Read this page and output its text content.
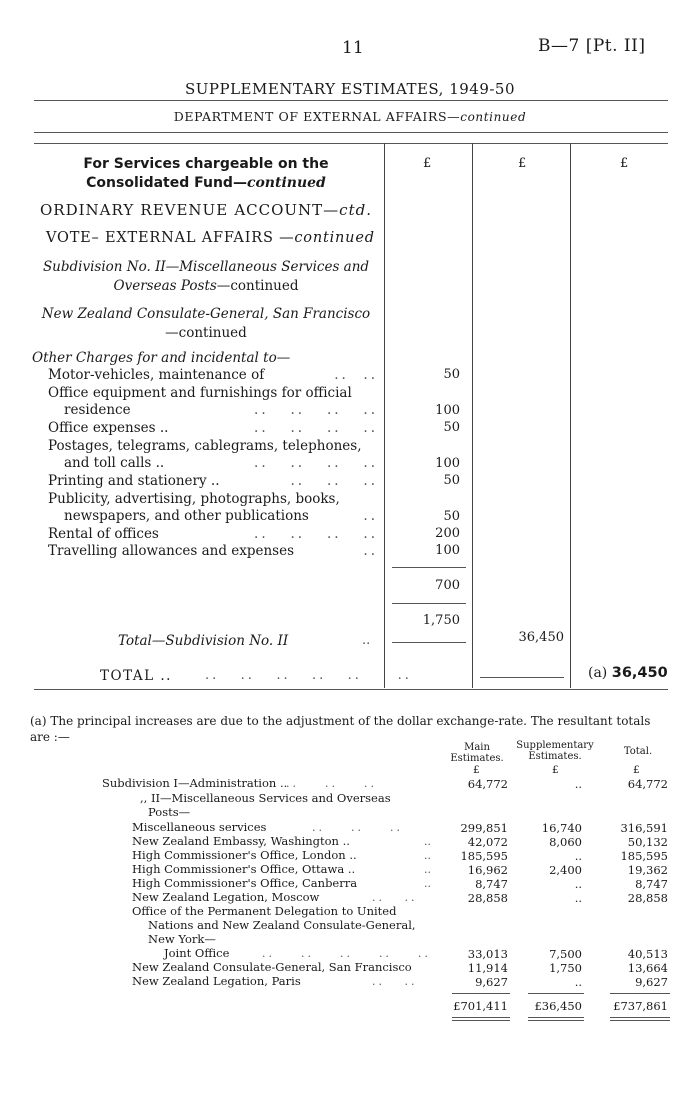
11	B—7 [Pt. II]
SUPPLEMENTARY ESTIMATES, 1949-50
DEPARTMENT OF EXTERNAL AFFAIRS—continued
£	£	£
For Services chargeable on the
Consolidated Fund—continued
ORDINARY REVENUE ACCOUNT—ctd.
VOTE– EXTERNAL AFFAIRS —continued
Subdivision No. II—Miscellaneous Services and
Overseas Posts—continued
New Zealand Consulate-General, San Francisco
—continued
Other Charges for and incidental to—
Motor-vehicles, maintenance of	..  ..	50
Office equipment and furnishings for official
residence	..   ..   ..   ..	100
Office expenses ..	..   ..   ..   ..	50
Postages, telegrams, cablegrams, telephones,
and toll calls ..	..   ..   ..   ..	100
Printing and stationery ..	..   ..   ..	50
Publicity, advertising, photographs, books,
newspapers, and other publications	..	50
Rental of offices	..   ..   ..   ..	200
Travelling allowances and expenses	..	100
700
1,750
Total—Subdivision No. II	..	36,450
TOTAL ..	..   ..   ..   ..   ..     ..	(a) 36,450
(a) The principal increases are due to the adjustment of the dollar exchange-rate. The resultant totals are :—
Main Estimates.
Supplementary Estimates.	Total.
£	£	£
Subdivision I—Administration ..	64,772	..	64,772
,, II—Miscellaneous Services and Overseas
Posts—
Miscellaneous services	299,851	16,740	316,591
New Zealand Embassy, Washington ..	42,072	8,060	50,132
High Commissioner's Office, London ..	185,595	..	185,595
High Commissioner's Office, Ottawa ..	16,962	2,400	19,362
High Commissioner's Office, Canberra	8,747	..	8,747
New Zealand Legation, Moscow	28,858	..	28,858
Office of the Permanent Delegation to United
Nations and New Zealand Consulate-General,
New York—
Joint Office	33,013	7,500	40,513
New Zealand Consulate-General, San Francisco	11,914	1,750	13,664
New Zealand Legation, Paris	9,627	..	9,627
£701,411	£36,450	£737,861
..    ..    ..
..    ..    ..
..
..
..
..
..   ..
..    ..    ..    ..    ..
..   ..
